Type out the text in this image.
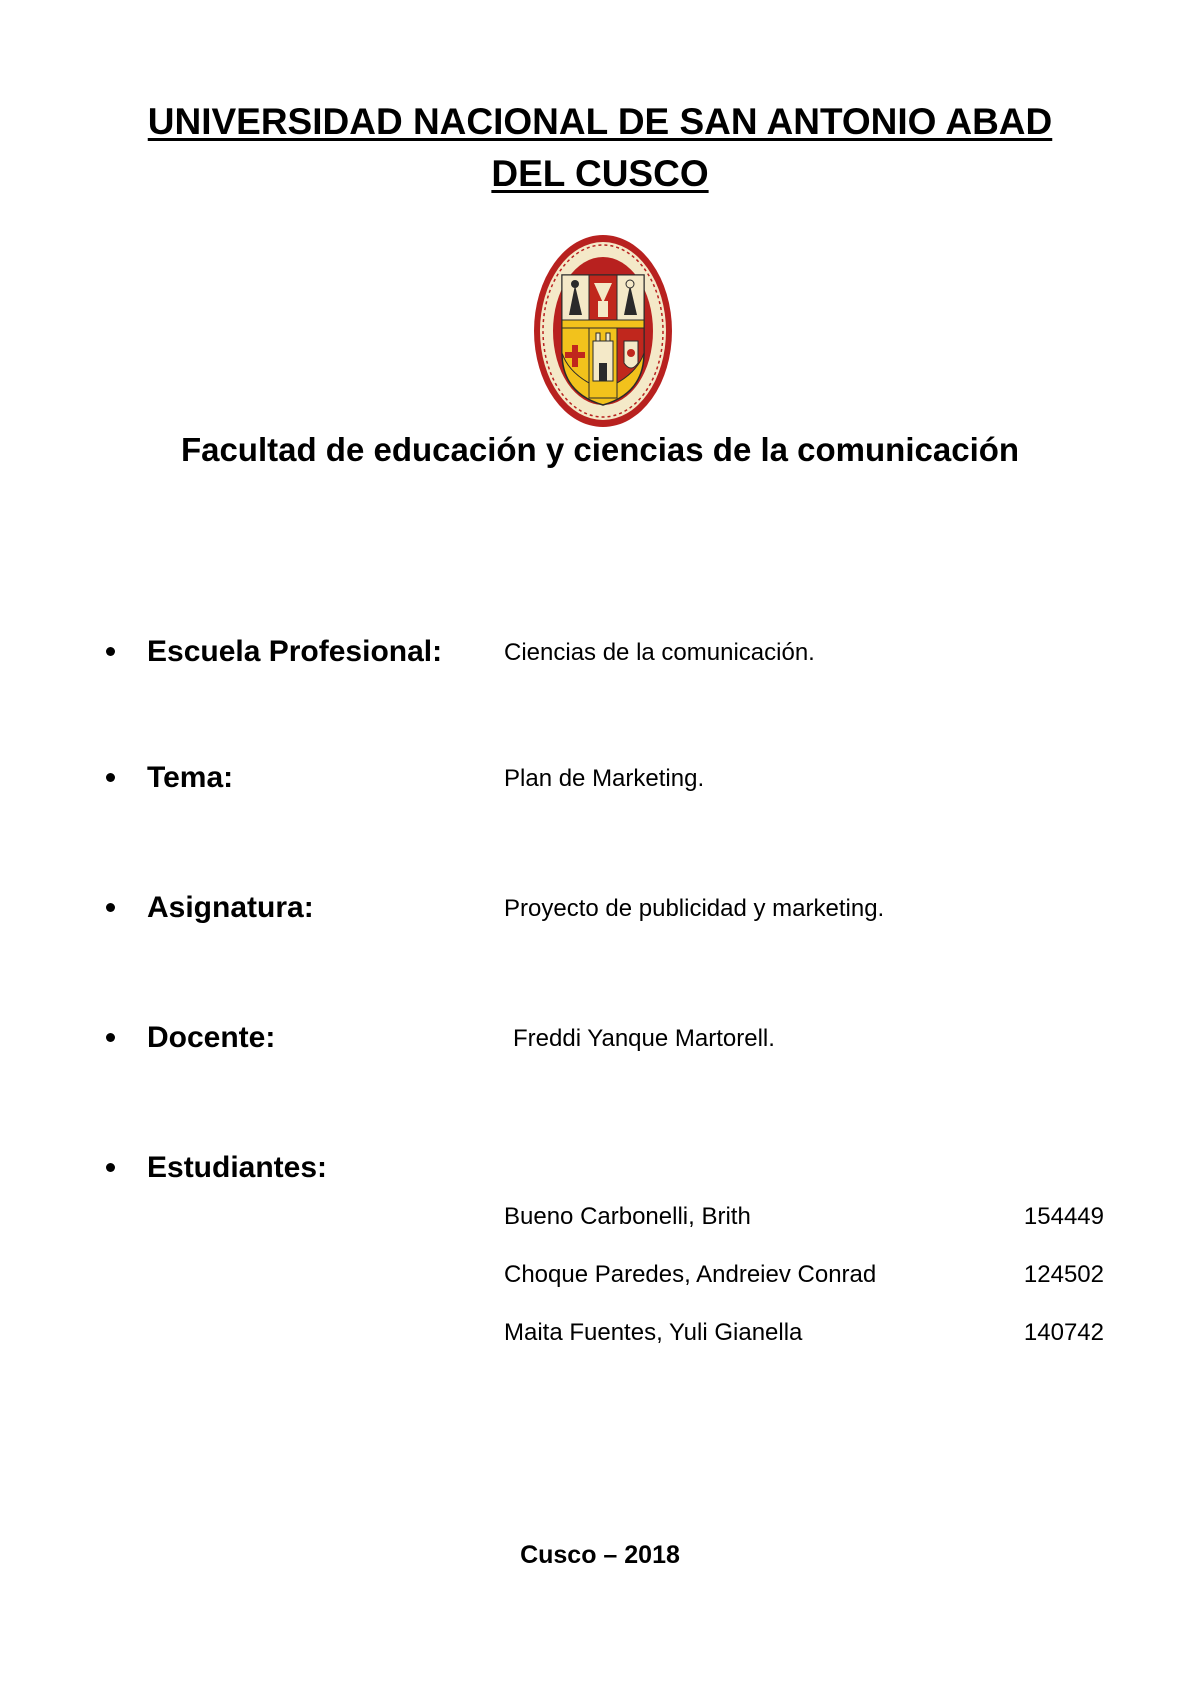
UNIVERSIDAD NACIONAL DE SAN ANTONIO ABAD
DEL CUSCO
Facultad de educación y ciencias de la comunicación
Escuela Profesional:	Ciencias de la comunicación.
Tema:	Plan de Marketing.
Asignatura:	Proyecto de publicidad y marketing.
Docente:	Freddi Yanque Martorell.
Estudiantes:
Bueno Carbonelli, Brith	154449
Choque Paredes, Andreiev Conrad	124502
Maita Fuentes, Yuli Gianella	140742
Cusco – 2018
